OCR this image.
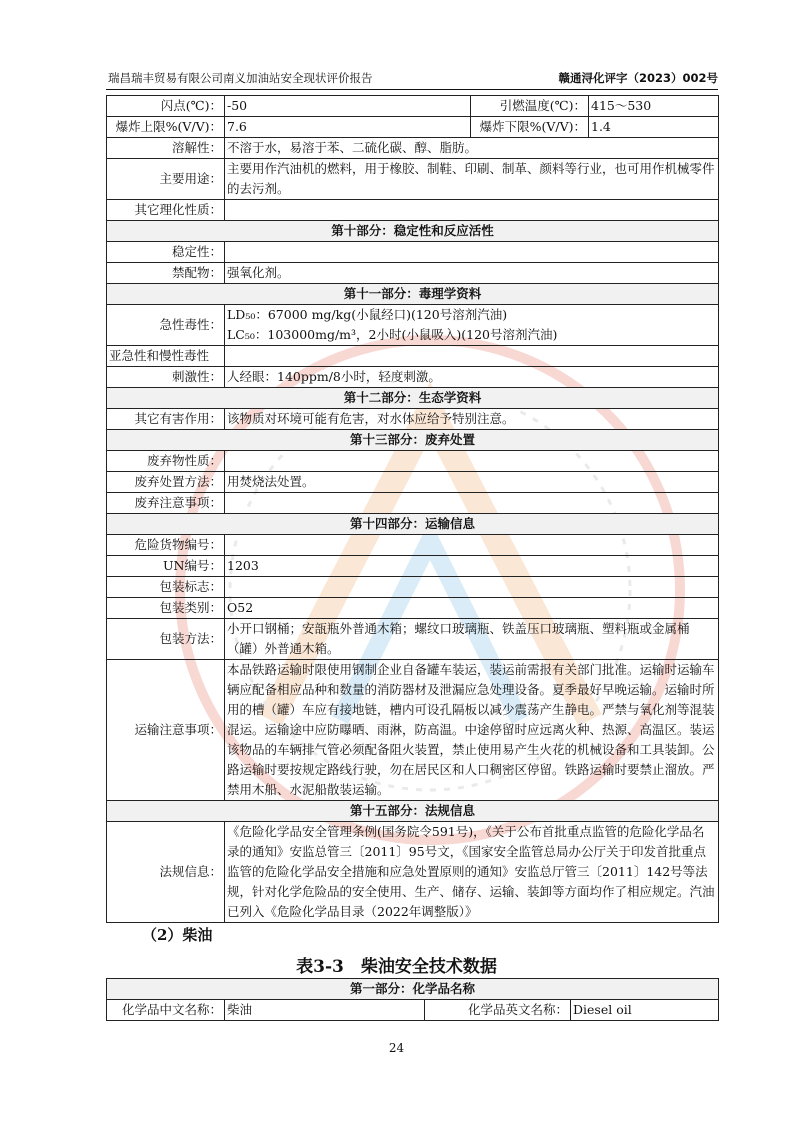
瑞昌瑞丰贸易有限公司南义加油站安全现状评价报告	赣通浔化评字（2023）002号
闪点(℃)：	-50	引燃温度(℃)：	415～530
爆炸上限%(V/V)：	7.6	爆炸下限%(V/V)：	1.4
溶解性：	不溶于水，易溶于苯、二硫化碳、醇、脂肪。		
主要用途：	主要用作汽油机的燃料，用于橡胶、制鞋、印刷、制革、颜料等行业，也可用作机械零件的去污剂。		
其它理化性质：			
第十部分：稳定性和反应活性			
稳定性：			
禁配物：	强氧化剂。		
第十一部分：毒理学资料			
急性毒性：	LD₅₀：67000 mg/kg(小鼠经口)(120号溶剂汽油)
LC₅₀：103000mg/m³，2小时(小鼠吸入)(120号溶剂汽油)		

亚急性和慢性毒性			
刺激性：	人经眼：140ppm/8小时，轻度刺激。		
第十二部分：生态学资料			
其它有害作用：	该物质对环境可能有危害，对水体应给予特别注意。		
第十三部分：废弃处置			
废弃物性质：			
废弃处置方法：	用焚烧法处置。		
废弃注意事项：			
第十四部分：运输信息			
危险货物编号：			
UN编号：	1203		
包装标志：			
包装类别：	O52		
包装方法：	小开口钢桶；安瓿瓶外普通木箱；螺纹口玻璃瓶、铁盖压口玻璃瓶、塑料瓶或金属桶（罐）外普通木箱。		
运输注意事项：	本品铁路运输时限使用钢制企业自备罐车装运，装运前需报有关部门批准。运输时运输车辆应配备相应品种和数量的消防器材及泄漏应急处理设备。夏季最好早晚运输。运输时所用的槽（罐）车应有接地链，槽内可设孔隔板以减少震荡产生静电。严禁与氧化剂等混装混运。运输途中应防曝晒、雨淋，防高温。中途停留时应远离火种、热源、高温区。装运该物品的车辆排气管必须配备阻火装置，禁止使用易产生火花的机械设备和工具装卸。公路运输时要按规定路线行驶，勿在居民区和人口稠密区停留。铁路运输时要禁止溜放。严禁用木船、水泥船散装运输。		
第十五部分：法规信息			
法规信息：	《危险化学品安全管理条例(国务院令591号)，《关于公布首批重点监管的危险化学品名录的通知》安监总管三〔2011〕95号文，《国家安全监管总局办公厅关于印发首批重点监管的危险化学品安全措施和应急处置原则的通知》安监总厅管三〔2011〕142号等法规，针对化学危险品的安全使用、生产、储存、运输、装卸等方面均作了相应规定。汽油已列入《危险化学品目录（2022年调整版）》		
（2）柴油
表3-3　柴油安全技术数据
第一部分：化学品名称
化学品中文名称：	柴油	化学品英文名称：	Diesel oil
24
